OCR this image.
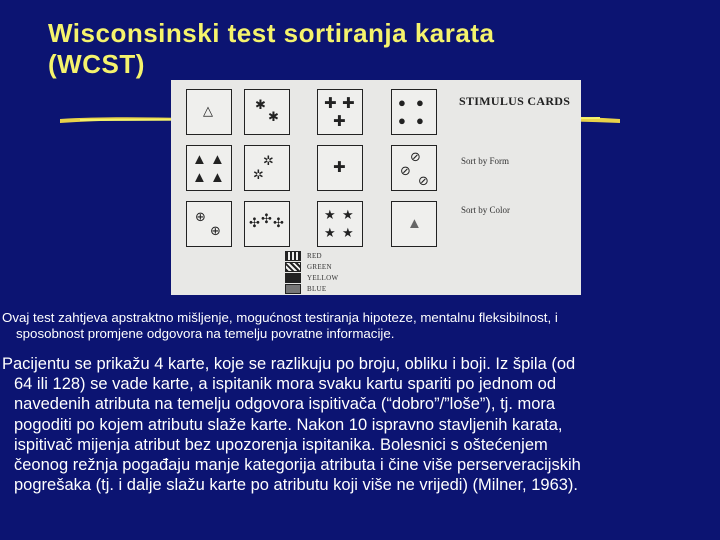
Wisconsinski test sortiranja karata
(WCST)
STIMULUS CARDS
Sort by Form
Sort by Color
△	✱
✱
✚ ✚
✚
● ●
● ●
▲ ▲
▲ ▲
✲
✲	✚
⊘
⊘
⊘
⊕
⊕
✣ ✣ ✣
★ ★
★ ★
▲
RED
GREEN
YELLOW
BLUE
Ovaj test zahtjeva apstraktno mišljenje, mogućnost testiranja hipoteze, mentalnu fleksibilnost, i
sposobnost promjene odgovora na temelju povratne informacije.
Pacijentu se prikažu 4 karte, koje se razlikuju po broju, obliku i boji. Iz špila (od
64 ili 128) se vade karte, a ispitanik mora svaku kartu spariti po jednom od
navedenih atributa na temelju odgovora ispitivača (“dobro”/”loše”), tj. mora
pogoditi po kojem atributu slaže karte. Nakon 10 ispravno stavljenih karata,
ispitivač mijenja atribut bez upozorenja ispitanika. Bolesnici s oštećenjem
čeonog režnja pogađaju manje kategorija atributa i čine više perserveracijskih
pogrešaka (tj. i dalje slažu karte po atributu koji više ne vrijedi) (Milner, 1963).
